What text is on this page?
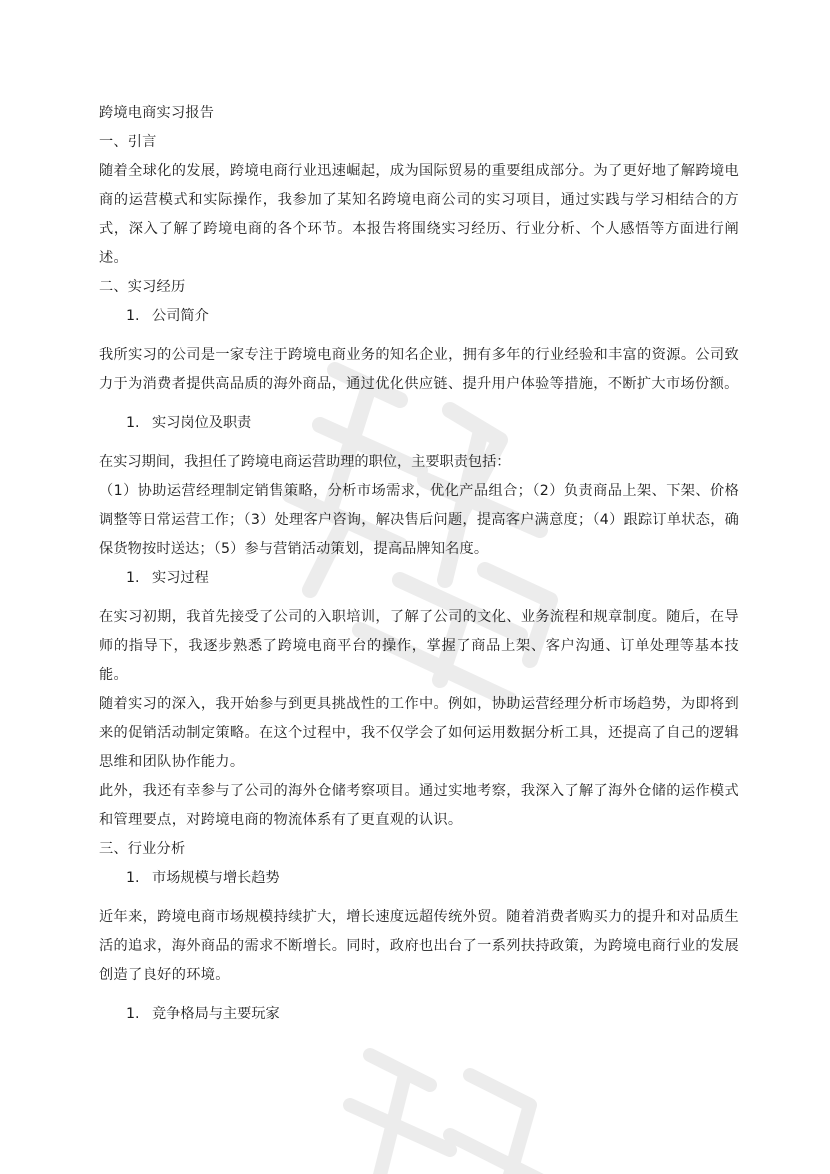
跨境电商实习报告

一、引言

随着全球化的发展，跨境电商行业迅速崛起，成为国际贸易的重要组成部分。为了更好地了解跨境电商的运营模式和实际操作，我参加了某知名跨境电商公司的实习项目，通过实践与学习相结合的方式，深入了解了跨境电商的各个环节。本报告将围绕实习经历、行业分析、个人感悟等方面进行阐述。

二、实习经历

1. 公司简介

我所实习的公司是一家专注于跨境电商业务的知名企业，拥有多年的行业经验和丰富的资源。公司致力于为消费者提供高品质的海外商品，通过优化供应链、提升用户体验等措施，不断扩大市场份额。

1. 实习岗位及职责

在实习期间，我担任了跨境电商运营助理的职位，主要职责包括：

（1）协助运营经理制定销售策略，分析市场需求，优化产品组合；（2）负责商品上架、下架、价格调整等日常运营工作；（3）处理客户咨询，解决售后问题，提高客户满意度；（4）跟踪订单状态，确保货物按时送达；（5）参与营销活动策划，提高品牌知名度。

1. 实习过程

在实习初期，我首先接受了公司的入职培训，了解了公司的文化、业务流程和规章制度。随后，在导师的指导下，我逐步熟悉了跨境电商平台的操作，掌握了商品上架、客户沟通、订单处理等基本技能。

随着实习的深入，我开始参与到更具挑战性的工作中。例如，协助运营经理分析市场趋势，为即将到来的促销活动制定策略。在这个过程中，我不仅学会了如何运用数据分析工具，还提高了自己的逻辑思维和团队协作能力。

此外，我还有幸参与了公司的海外仓储考察项目。通过实地考察，我深入了解了海外仓储的运作模式和管理要点，对跨境电商的物流体系有了更直观的认识。

三、行业分析

1. 市场规模与增长趋势

近年来，跨境电商市场规模持续扩大，增长速度远超传统外贸。随着消费者购买力的提升和对品质生活的追求，海外商品的需求不断增长。同时，政府也出台了一系列扶持政策，为跨境电商行业的发展创造了良好的环境。

1. 竞争格局与主要玩家
